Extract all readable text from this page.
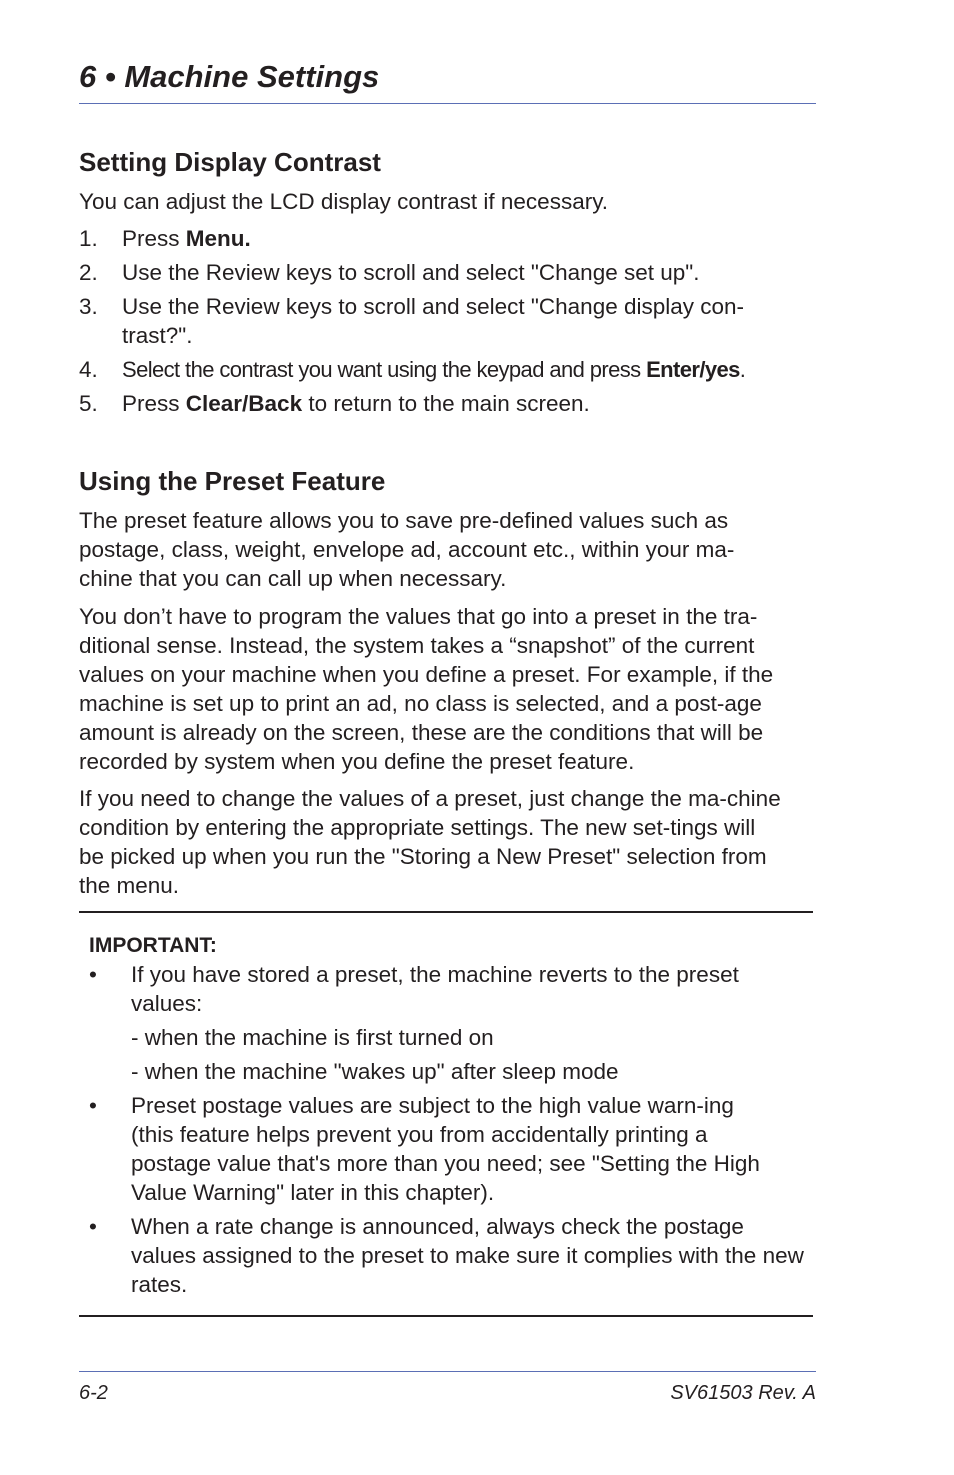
6 • Machine Settings
Setting Display Contrast

You can adjust the LCD display contrast if necessary.

1. Press Menu.
2. Use the Review keys to scroll and select "Change set up".
3. Use the Review keys to scroll and select "Change display con-trast?".
4. Select the contrast you want using the keypad and press Enter/yes.
5. Press Clear/Back to return to the main screen.
Using the Preset Feature

The preset feature allows you to save pre-defined values such as postage, class, weight, envelope ad, account etc., within your ma-chine that you can call up when necessary.

You don’t have to program the values that go into a preset in the tra-ditional sense. Instead, the system takes a “snapshot” of the current values on your machine when you define a preset. For example, if the machine is set up to print an ad, no class is selected, and a post-age amount is already on the screen, these are the conditions that will be recorded by system when you define the preset feature.

If you need to change the values of a preset, just change the ma-chine condition by entering the appropriate settings. The new set-tings will be picked up when you run the "Storing a New Preset" selection from the menu.

IMPORTANT:
• If you have stored a preset, the machine reverts to the preset values:
- when the machine is first turned on
- when the machine "wakes up" after sleep mode
• Preset postage values are subject to the high value warn-ing (this feature helps prevent you from accidentally printing a postage value that's more than you need; see "Setting the High Value Warning" later in this chapter).
• When a rate change is announced, always check the postage values assigned to the preset to make sure it complies with the new rates.
6-2	SV61503 Rev. A
